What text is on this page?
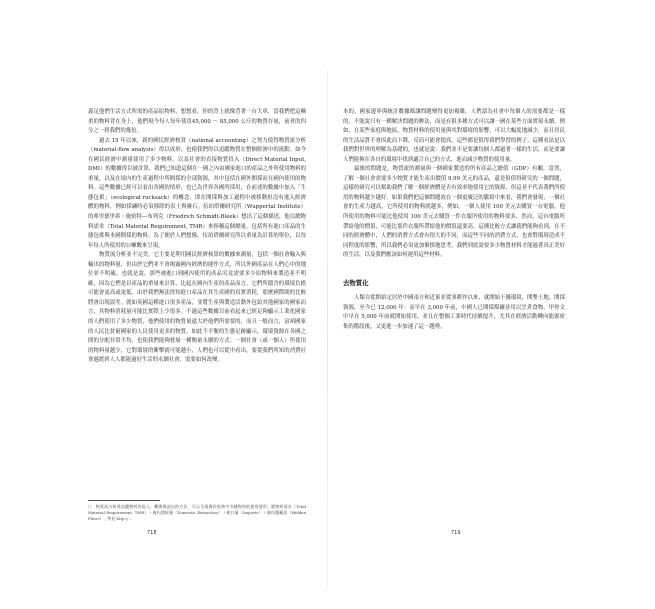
義足他們生活方式所需的產品原物料，想想看，你的背上就像背著一台大車，當我們把這噸重的物料背在身上，他們現今每人每年使用45,000 ～ 85,000 公斤的物質存量，前者的四分之一到我們的幾倍。

過去 15 年以來，新的國民經濟核算（national accounting）之努力使得物質流分析（material-flow analysis）得以成形，也使我們得以追蹤物質在整個經濟中的流動。如今在國民經濟中測量使用了多少物料，以及社會的直接物質投入（Direct Material Input, DMI）的數據得以被計算，我們已知道這個在一國之內由國家進口的產品之外所使用物料的重量，以及在境內的生產過程中所開採的全部資源，其中包括在國外開採而在國內使用的物料。這些數據已經可以看出各國的情形，也已為世界各國所採用，在前述的數據中加入「生態包袱」（ecological rucksack）的概念，即在開採與加工過程中被移動但沒有進入經濟體的物料，例如採礦時必須移除的表土與廢石。伍珀塔爾研究所（Wuppertal Institute）的弗里德里希・施密特—布列克（Friedrich Schmidt-Bleek）想出了這個描述，他以總物料需求（Total Material Requirement, TMR）來指稱這個總量，包括所有進口產品的生態包袱與本國開採的物料。為了便於人們想像，伍珀塔爾研究所以重量為計算的單位，以每年每人所使用的公噸數來呈現。

物質流分析並不完美，它主要是利用國民經濟核算的數據來測量，包括一個社會輸入與輸出的物料量，但由於它們並不會揭露國內經濟的運作方式，所以外國產品在人們心中的地位並不明確，也就是說，那些被進口到國內使用的產品究竟需要多少原物料來製造並不明確，因為它們是以產品的重量來計算，比起在國內生產的產品而言，它們所隱含的環境負擔可能會更高或更低。由於我們無法得知進口產品在其生產國的真實消耗，那麼國際間的比較將會出現誤差。就如英國這種進口很多產品，並將生產與製造活動外包給其他國家的國家而言，其物料消耗量可能比實際上少很多。不過這些數據目前看起來已經足夠顯示工業化國家的人們使用了多少物質，他們使用的物質量遠大於他們所需要的，而且一般而言，富裕國家的人民比貧窮國家的人民使用更多的物質。如此不平衡的生態足跡顯示，環境資源在各國之間的分配非常不均，也使我們能夠發展一種衡量永續的方式：一個社會（或一個人）所使用的物料量越少，它對環境的衝擊就可能越小，人們也可以從中看出，要從我們所知的消費社會過渡到人人都能過好生活的永續社會，需要如何改變。

○　物質流分析係追蹤物料的流入、轉換與流出的方法，可以呈現國民經濟中各種物料的使用情形。總物料需求（Total Material Requirement, TMR）＝國內開採量（Domestic Extraction）＋進口量（Imports）＋國內隱藏流（Hidden Flows），參見 http://...
718

本的，國家邊界與統計數據都讓問題變得更加複雜，人們認為社會中每個人的需要都是一樣的，不能說只有一種解決問題的辦法，而是有很多種方式可以讓一國在某些方面實現永續，例如，在某些家庭與地區，物質材料的使用量與其對環境的影響，可以大幅度地減少，而且居民的生活品質不會因此而下降，反而可能會提高，這些都是值得我們學習的例子。這種看法是以我們對世界的理解為基礎的，也就是說：我們並不是要讓每個人都過著一樣的生活，而是要讓人們能夠在各自的環境中找到適合自己的方式，進而減少物質的使用量。

最後的問題是，物質流的測量與一個國家製造的所有產品之總值（GDP）有關，當然，了解一個社會需要多少物質才能生產出價值 9.99 美元的產品，還是很值得研究的一個問題，這樣的研究可以幫助我們了解一個經濟體是否有效率地使用它的資源，但這並不代表我們所使用的物料越少越好。如果我們把這個問題放在一個更廣泛的脈絡中來看，我們會發現，一個社會的生產力越高，它所使用的物料就越多，例如，一個人使用 100 美元去購買一台電腦，他所使用的物料可能比他使用 100 美元去購買一件衣服所使用的物料要多，然而，這台電腦所帶給他的價值，可能比那件衣服所帶給他的價值還要高。這種比較方式讓我們能夠看到，在不同的經濟體中，人們的消費方式會有很大的不同，而這些不同的消費方式，也會對環境造成不同程度的影響，所以我們必須更加審慎地思考，我們到底需要多少物質材料才能過著真正美好的生活，以及我們應該如何運用這些材料。

去物質化

人類自從開始定居於中國南方和近東並從事耕作以來，就開始干擾環境，開墾土地、開採資源，至今已 12,000 年：而早在 3,000 年前，中國人已開採煤礦並用以烹煮食物，甲骨文中早在 5,000 年前就開始使用，並且在整個工業時代持續提升，尤其在經濟活動轉向能源密集的階段後，又更進一步加速了這一趨勢。

719
